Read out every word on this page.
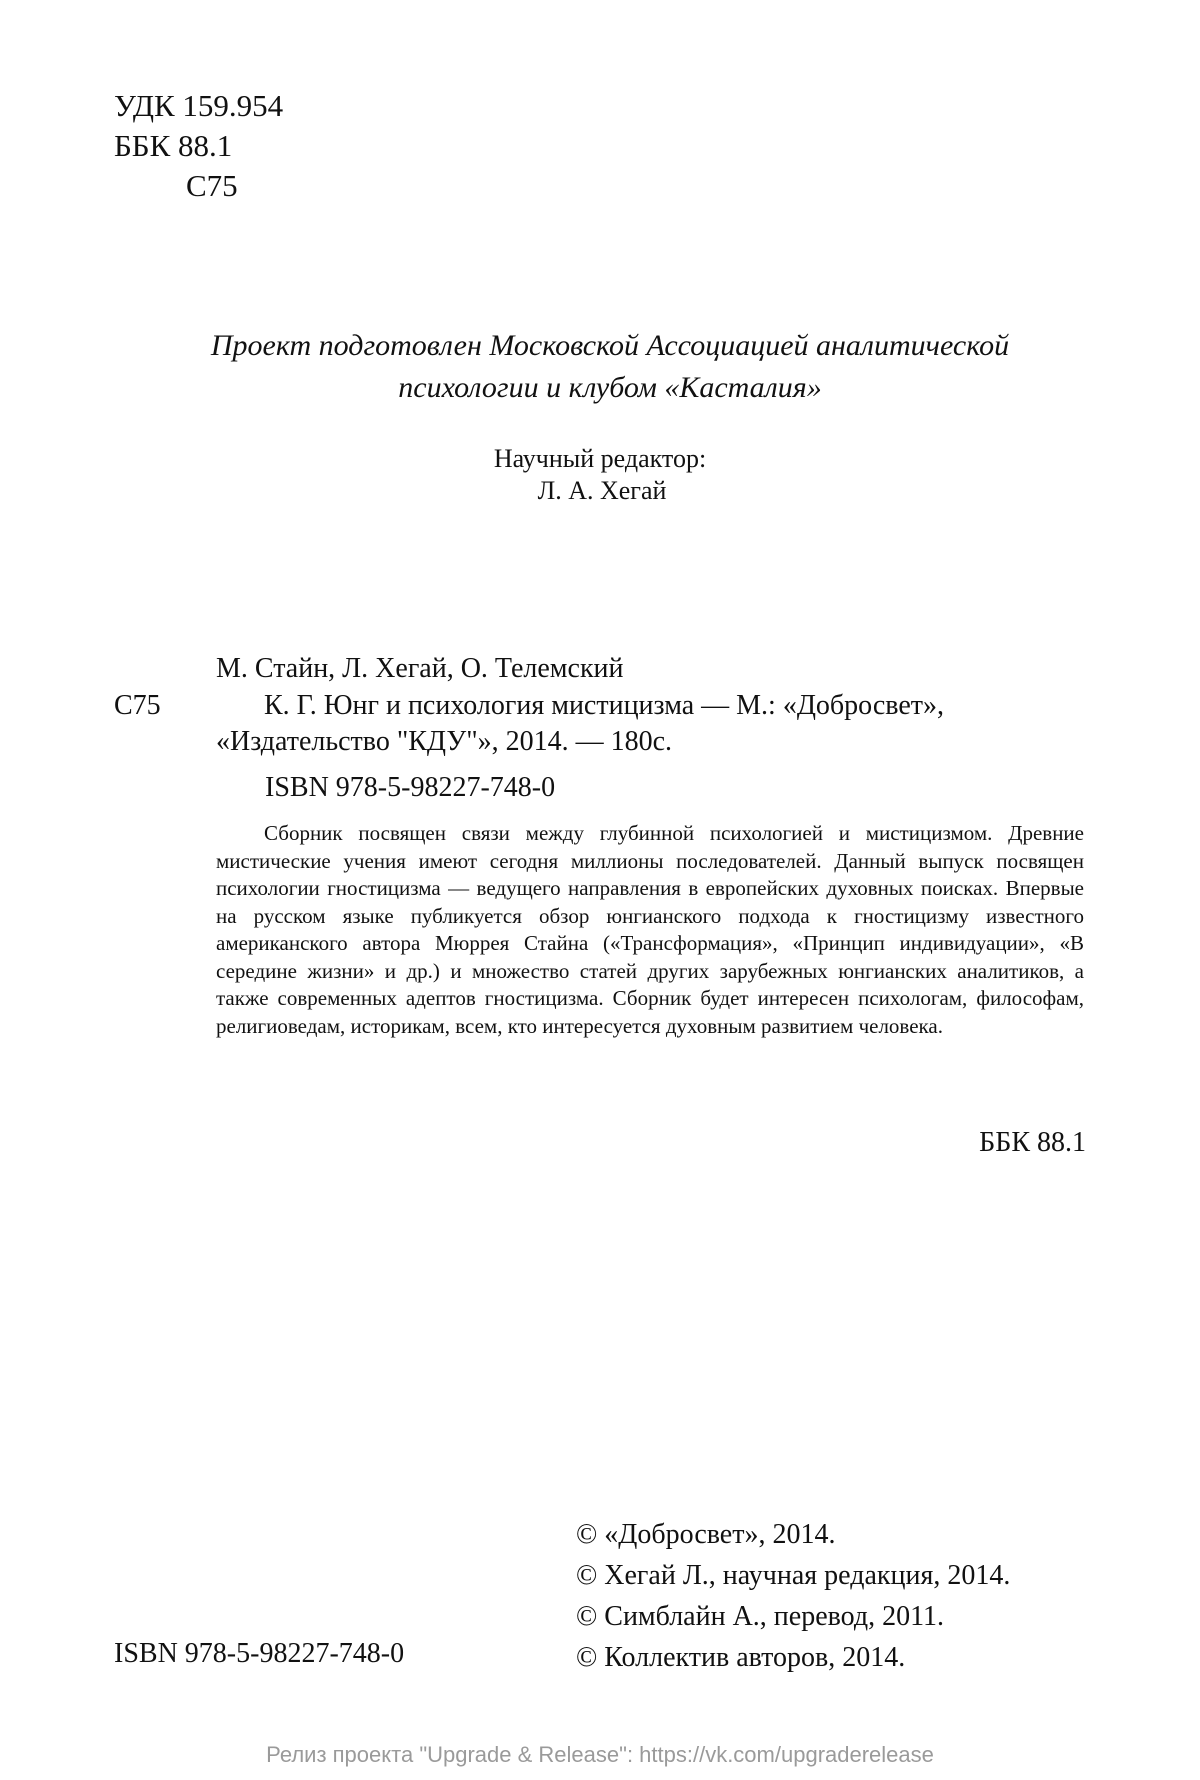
УДК 159.954
ББК 88.1
С75
Проект подготовлен Московской Ассоциацией аналитической
психологии и клубом «Касталия»
Научный редактор:
Л. А. Хегай
М. Стайн, Л. Хегай, О. Телемский
С75	К. Г. Юнг и психология мистицизма — М.: «Добросвет»,
«Издательство "КДУ"», 2014. — 180с.
ISBN 978-5-98227-748-0
Сборник посвящен связи между глубинной психологией и мистицизмом. Древние мистические учения имеют сегодня миллионы последователей. Данный выпуск посвящен психологии гностицизма — ведущего направления в европейских духовных поисках. Впервые на русском языке публикуется обзор юнгианского подхода к гностицизму известного американского автора Мюррея Стайна («Трансформация», «Принцип индивидуации», «В середине жизни» и др.) и множество статей других зарубежных юнгианских аналитиков, а также современных адептов гностицизма. Сборник будет интересен психологам, философам, религиоведам, историкам, всем, кто интересуется духовным развитием человека.
ББК 88.1
© «Добросвет», 2014.
© Хегай Л., научная редакция, 2014.
© Симблайн А., перевод, 2011.
© Коллектив авторов, 2014.
ISBN 978-5-98227-748-0
Релиз проекта "Upgrade & Release": https://vk.com/upgraderelease
